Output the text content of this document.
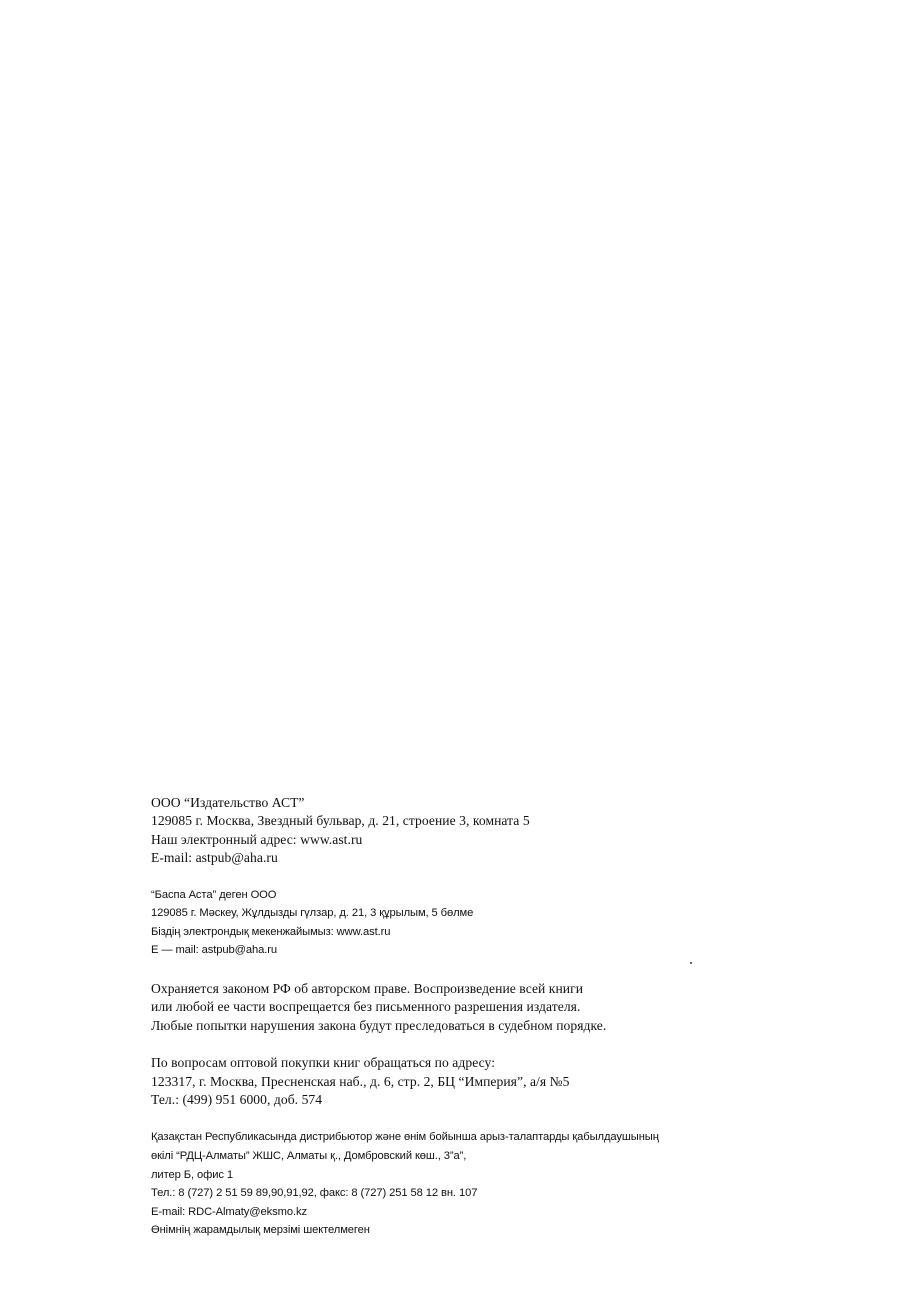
ООО “Издательство АСТ”
129085 г. Москва, Звездный бульвар, д. 21, строение 3, комната 5
Наш электронный адрес: www.ast.ru
E-mail: astpub@aha.ru
“Баспа Аста” деген ООО
129085 г. Мәскеу, Жұлдызды гүлзар, д. 21, 3 құрылым, 5 бөлме
Біздің электрондық мекенжайымыз: www.ast.ru
E — mail: astpub@aha.ru
Охраняется законом РФ об авторском праве. Воспроизведение всей книги
или любой ее части воспрещается без письменного разрешения издателя.
Любые попытки нарушения закона будут преследоваться в судебном порядке.
По вопросам оптовой покупки книг обращаться по адресу:
123317, г. Москва, Пресненская наб., д. 6, стр. 2, БЦ “Империя”, а/я №5
Тел.: (499) 951 6000, доб. 574
Қазақстан Республикасында дистрибьютор және өнім бойынша арыз-талаптарды қабылдаушының
өкілі “РДЦ-Алматы” ЖШС, Алматы қ., Домбровский көш., 3”а”,
литер Б, офис 1
Тел.: 8 (727) 2 51 59 89,90,91,92, факс: 8 (727) 251 58 12 вн. 107
E-mail: RDC-Almaty@eksmo.kz
Өнімнің жарамдылық мерзімі шектелмеген
